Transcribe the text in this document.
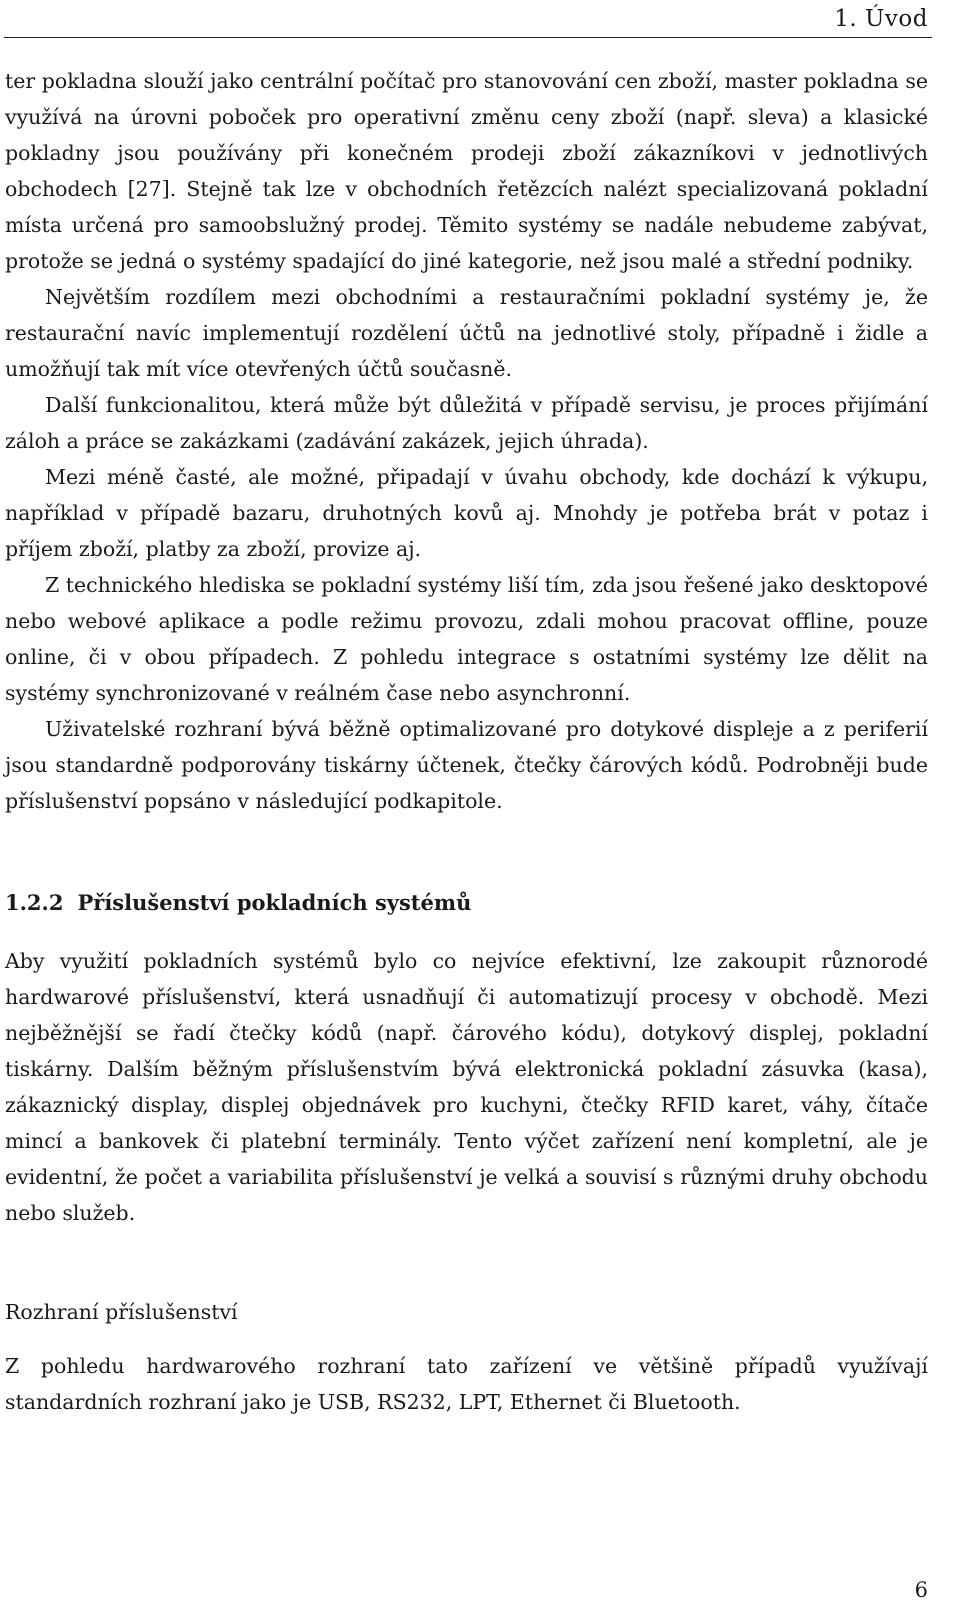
1. Úvod

ter pokladna slouží jako centrální počítač pro stanovování cen zboží, master pokladna se využívá na úrovni poboček pro operativní změnu ceny zboží (např. sleva) a klasické pokladny jsou používány při konečném prodeji zboží zákazníkovi v jednotlivých obchodech [27]. Stejně tak lze v obchodních řetězcích nalézt specializovaná pokladní místa určená pro samoobslužný prodej. Těmito systémy se nadále nebudeme zabývat, protože se jedná o systémy spadající do jiné kategorie, než jsou malé a střední podniky.

Největším rozdílem mezi obchodními a restauračními pokladní systémy je, že restaurační navíc implementují rozdělení účtů na jednotlivé stoly, případně i židle a umožňují tak mít více otevřených účtů současně.

Další funkcionalitou, která může být důležitá v případě servisu, je proces přijímání záloh a práce se zakázkami (zadávání zakázek, jejich úhrada).

Mezi méně časté, ale možné, připadají v úvahu obchody, kde dochází k výkupu, například v případě bazaru, druhotných kovů aj. Mnohdy je potřeba brát v potaz i příjem zboží, platby za zboží, provize aj.

Z technického hlediska se pokladní systémy liší tím, zda jsou řešené jako desktopové nebo webové aplikace a podle režimu provozu, zdali mohou pracovat offline, pouze online, či v obou případech. Z pohledu integrace s ostatními systémy lze dělit na systémy synchronizované v reálném čase nebo asynchronní.

Uživatelské rozhraní bývá běžně optimalizované pro dotykové displeje a z periferií jsou standardně podporovány tiskárny účtenek, čtečky čárových kódů. Podrobněji bude příslušenství popsáno v následující podkapitole.

1.2.2 Příslušenství pokladních systémů

Aby využití pokladních systémů bylo co nejvíce efektivní, lze zakoupit různorodé hardwarové příslušenství, která usnadňují či automatizují procesy v obchodě. Mezi nejběžnější se řadí čtečky kódů (např. čárového kódu), dotykový displej, pokladní tiskárny. Dalším běžným příslušenstvím bývá elektronická pokladní zásuvka (kasa), zákaznický display, displej objednávek pro kuchyni, čtečky RFID karet, váhy, čítače mincí a bankovek či platební terminály. Tento výčet zařízení není kompletní, ale je evidentní, že počet a variabilita příslušenství je velká a souvisí s různými druhy obchodu nebo služeb.

Rozhraní příslušenství

Z pohledu hardwarového rozhraní tato zařízení ve většině případů využívají standardních rozhraní jako je USB, RS232, LPT, Ethernet či Bluetooth.

6
